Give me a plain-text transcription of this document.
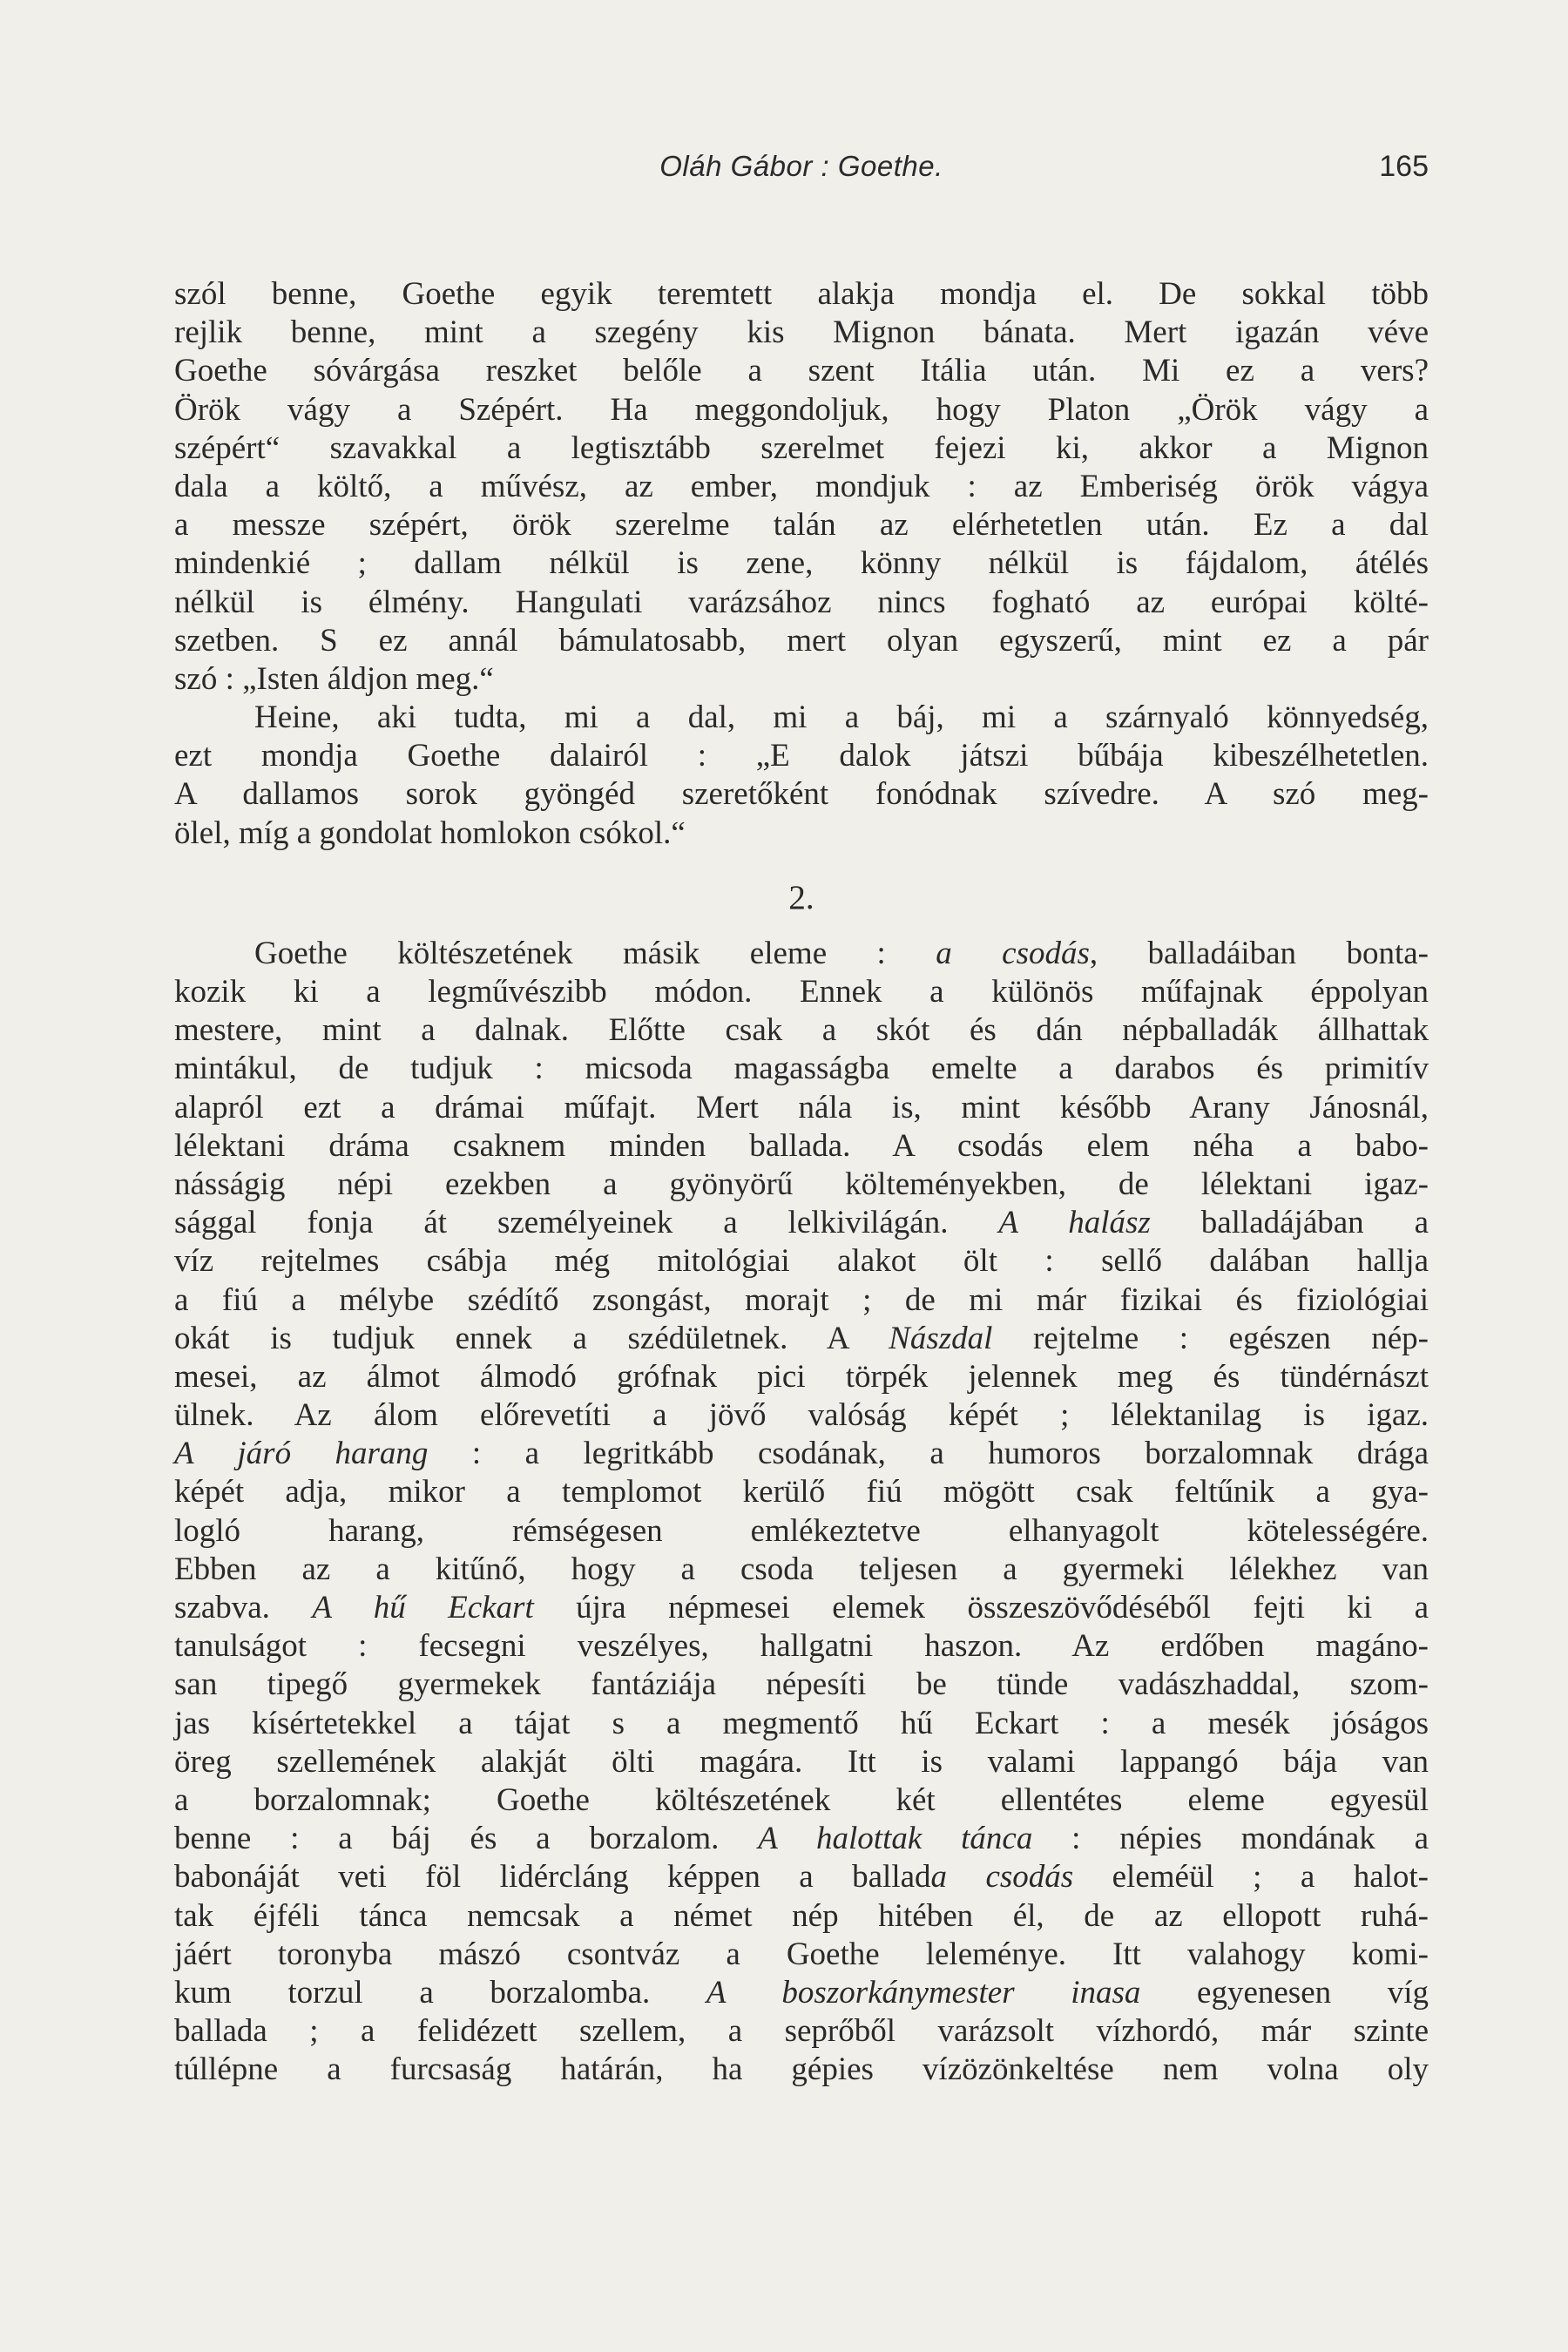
Oláh Gábor : Goethe.	165
szól benne, Goethe egyik teremtett alakja mondja el. De sokkal több
rejlik benne, mint a szegény kis Mignon bánata. Mert igazán véve
Goethe sóvárgása reszket belőle a szent Itália után. Mi ez a vers?
Örök vágy a Szépért. Ha meggondoljuk, hogy Platon „Örök vágy a
szépért“ szavakkal a legtisztább szerelmet fejezi ki, akkor a Mignon
dala a költő, a művész, az ember, mondjuk : az Emberiség örök vágya
a messze szépért, örök szerelme talán az elérhetetlen után. Ez a dal
mindenkié ; dallam nélkül is zene, könny nélkül is fájdalom, átélés
nélkül is élmény. Hangulati varázsához nincs fogható az európai költé-
szetben. S ez annál bámulatosabb, mert olyan egyszerű, mint ez a pár
szó : „Isten áldjon meg.“
Heine, aki tudta, mi a dal, mi a báj, mi a szárnyaló könnyedség,
ezt mondja Goethe dalairól : „E dalok játszi bűbája kibeszélhetetlen.
A dallamos sorok gyöngéd szeretőként fonódnak szívedre. A szó meg-
ölel, míg a gondolat homlokon csókol.“
2.
Goethe költészetének másik eleme : a csodás, balladáiban bonta-
kozik ki a legművészibb módon. Ennek a különös műfajnak éppolyan
mestere, mint a dalnak. Előtte csak a skót és dán népballadák állhattak
mintákul, de tudjuk : micsoda magasságba emelte a darabos és primitív
alapról ezt a drámai műfajt. Mert nála is, mint később Arany Jánosnál,
lélektani dráma csaknem minden ballada. A csodás elem néha a babo-
násságig népi ezekben a gyönyörű költeményekben, de lélektani igaz-
sággal fonja át személyeinek a lelkivilágán. A halász balladájában a
víz rejtelmes csábja még mitológiai alakot ölt : sellő dalában hallja
a fiú a mélybe szédítő zsongást, morajt ; de mi már fizikai és fiziológiai
okát is tudjuk ennek a szédületnek. A Nászdal rejtelme : egészen nép-
mesei, az álmot álmodó grófnak pici törpék jelennek meg és tündérnászt
ülnek. Az álom előrevetíti a jövő valóság képét ; lélektanilag is igaz.
A járó harang : a legritkább csodának, a humoros borzalomnak drága
képét adja, mikor a templomot kerülő fiú mögött csak feltűnik a gya-
logló harang, rémségesen emlékeztetve elhanyagolt kötelességére.
Ebben az a kitűnő, hogy a csoda teljesen a gyermeki lélekhez van
szabva. A hű Eckart újra népmesei elemek összeszövődéséből fejti ki a
tanulságot : fecsegni veszélyes, hallgatni haszon. Az erdőben magáno-
san tipegő gyermekek fantáziája népesíti be tünde vadászhaddal, szom-
jas kísértetekkel a tájat s a megmentő hű Eckart : a mesék jóságos
öreg szellemének alakját ölti magára. Itt is valami lappangó bája van
a borzalomnak; Goethe költészetének két ellentétes eleme egyesül
benne : a báj és a borzalom. A halottak tánca : népies mondának a
babonáját veti föl lidércláng képpen a ballada csodás eleméül ; a halot-
tak éjféli tánca nemcsak a német nép hitében él, de az ellopott ruhá-
jáért toronyba mászó csontváz a Goethe leleménye. Itt valahogy komi-
kum torzul a borzalomba. A boszorkánymester inasa egyenesen víg
ballada ; a felidézett szellem, a seprőből varázsolt vízhordó, már szinte
túllépne a furcsaság határán, ha gépies vízözönkeltése nem volna oly
